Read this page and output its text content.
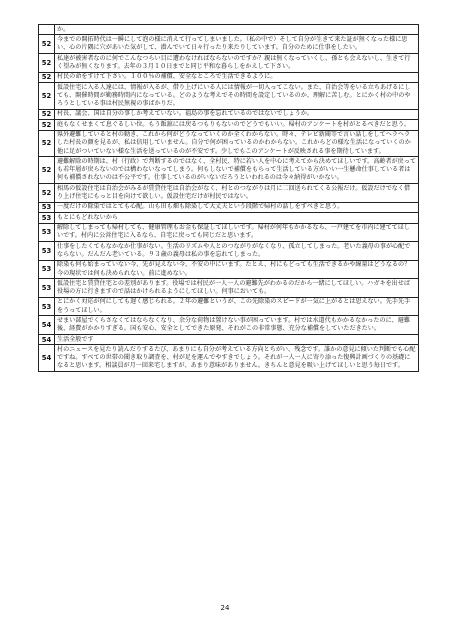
	か。
52	今までの開拓時代は一瞬にして泡の様に消えて行ってしまいました。（私の中で）そして自分が生きて来た証が無くなった様に思い、心の片隅に穴があいた気がして、潜んでいて日々行ったり来たりしています。自分のために仕事をしたい。
52	私達が被害者なのに何でこんなつらい目に遭わなければならないのですか？親は無くなっていくし、孫とも会えないし、生きて行く望みが無くなります。去年の３月１０日までと同じ平和な暮らしをかえして下さい。
52	村民の命をすけて下さい。１００％の補償、安全なところで生活できるように。
52	仮設住宅に入る人達には、情報が入るが、借り上げにいる人には情報が一切入ってこない。また、自治会等をいる立ちあげるにしても、開催時間が勤務時間内になっている。どのような考えでその時間を設定しているのか、理解に苦しむ。とにかく村の中のやろうとしている事は村民無視の事ばかりだ。
52	村長、議会、国は自分の事しか考えていない。福島の事を忘れているのではないでしょうか。
52	庭もなくせまくて息ぐるしい位。もう飯舘には戻るつもりもないのでどうでもいい。帰村のアンケートを村がとるべきだと思う。
52	県外避難していると村の動き、これから何がどうなっていくのか全くわからない。時々、テレビ新聞等で言い話しをしてヘラヘラした村長の顔を見るが、私は信用していません。自分で何が困っているのかわからない。これからどの様な生活になっていくのか他に足がついていない様な生活を送っているのが不安です。少しでもこのアンケートが反映される事を期待しています。
52	避難解除の時期は、村（行政）で判断するのではなく、全村民、特に若い人を中心に考えてから決めてほしいです。高齢者が戻っても若年層が戻らないのでは構わないなってしまう。何もしないで補償をもらって生活している方がいい一生懸命仕事している者は何も補償されないのは不公平です。仕事しているのがいないだろうといわれるのは今々納得がいかない。
52	相馬の仮設住宅は自治会がみるが賃貸住宅は自治会がなく、村とのつながりは月に二回送られてくる公報だけ。仮設だけでなく借り上げ住宅にもっと目を向けて欲しい。仮設住宅だけが村民ではない。
53	一度だけの除染ではとても心配。山も田も畑も除染して大丈夫という段階で帰村の話しをすべきと思う。
53	もとにもどれないから
53	解除してしまっても帰村しても、健康管理もお金も保証してほしいです。帰村が何年もかかるなら、一戸建てを市内に建ててほしいです。村内に公営住宅に入るなら、自宅に戻っても同じだと思います。
53	仕事をしたくてもなかなか仕事がない。生活のリズムや人とのつながりがなくなり、孤立してしまった。老いた義母の事が心配でならない。だんだん老いている。９３歳の義母は私の事を忘れてしまった。
53	除染も何も始まっていない今、先が見えない今、不安の中にいます。たとえ、村にもどっても生活できるかや線量はどうなるの？今の現状では何も決められない。前に進めない。
53	仮設住宅と賃貸住宅との差別があります。役場では村民が一人一人の避難先がわかるのだから一緒にしてほしい。ハガキを出せば役場の方に行きますので話はかけられるようにしてほしい。何事においても。
53	とにかく対応が何にしても遅く感じられる。２年の避難というが、この先除染のスピードが一気に上がるとは思えない。先手先手をうってほしい。
54	せまい部屋でくらさなくてはならなくなり、余分な荷物は置けない事が困っています。村では水道代もかかるなかったのに、避難後、経費がかかりすぎる。国も安心、安全としてできた原発、それがこの非常事態、充分な補償をしていただきたい。
54	生活全般です
54	村のニュースを見たり読んだりするたび、あまりにも自分が考えている方向とちがい、残念です。誰かの意見に傾いた判断でも心配ですね。すべての世帯の聞き取り調査を、村が足を運んでやすきでしょう。それが一人一人に寄り添った復興計画づくりの基礎になると思います。相談員が月一回来宅しますが、あまり意味がありません。きちんと意見を吸い上げてほしいと思う毎日です。
24
